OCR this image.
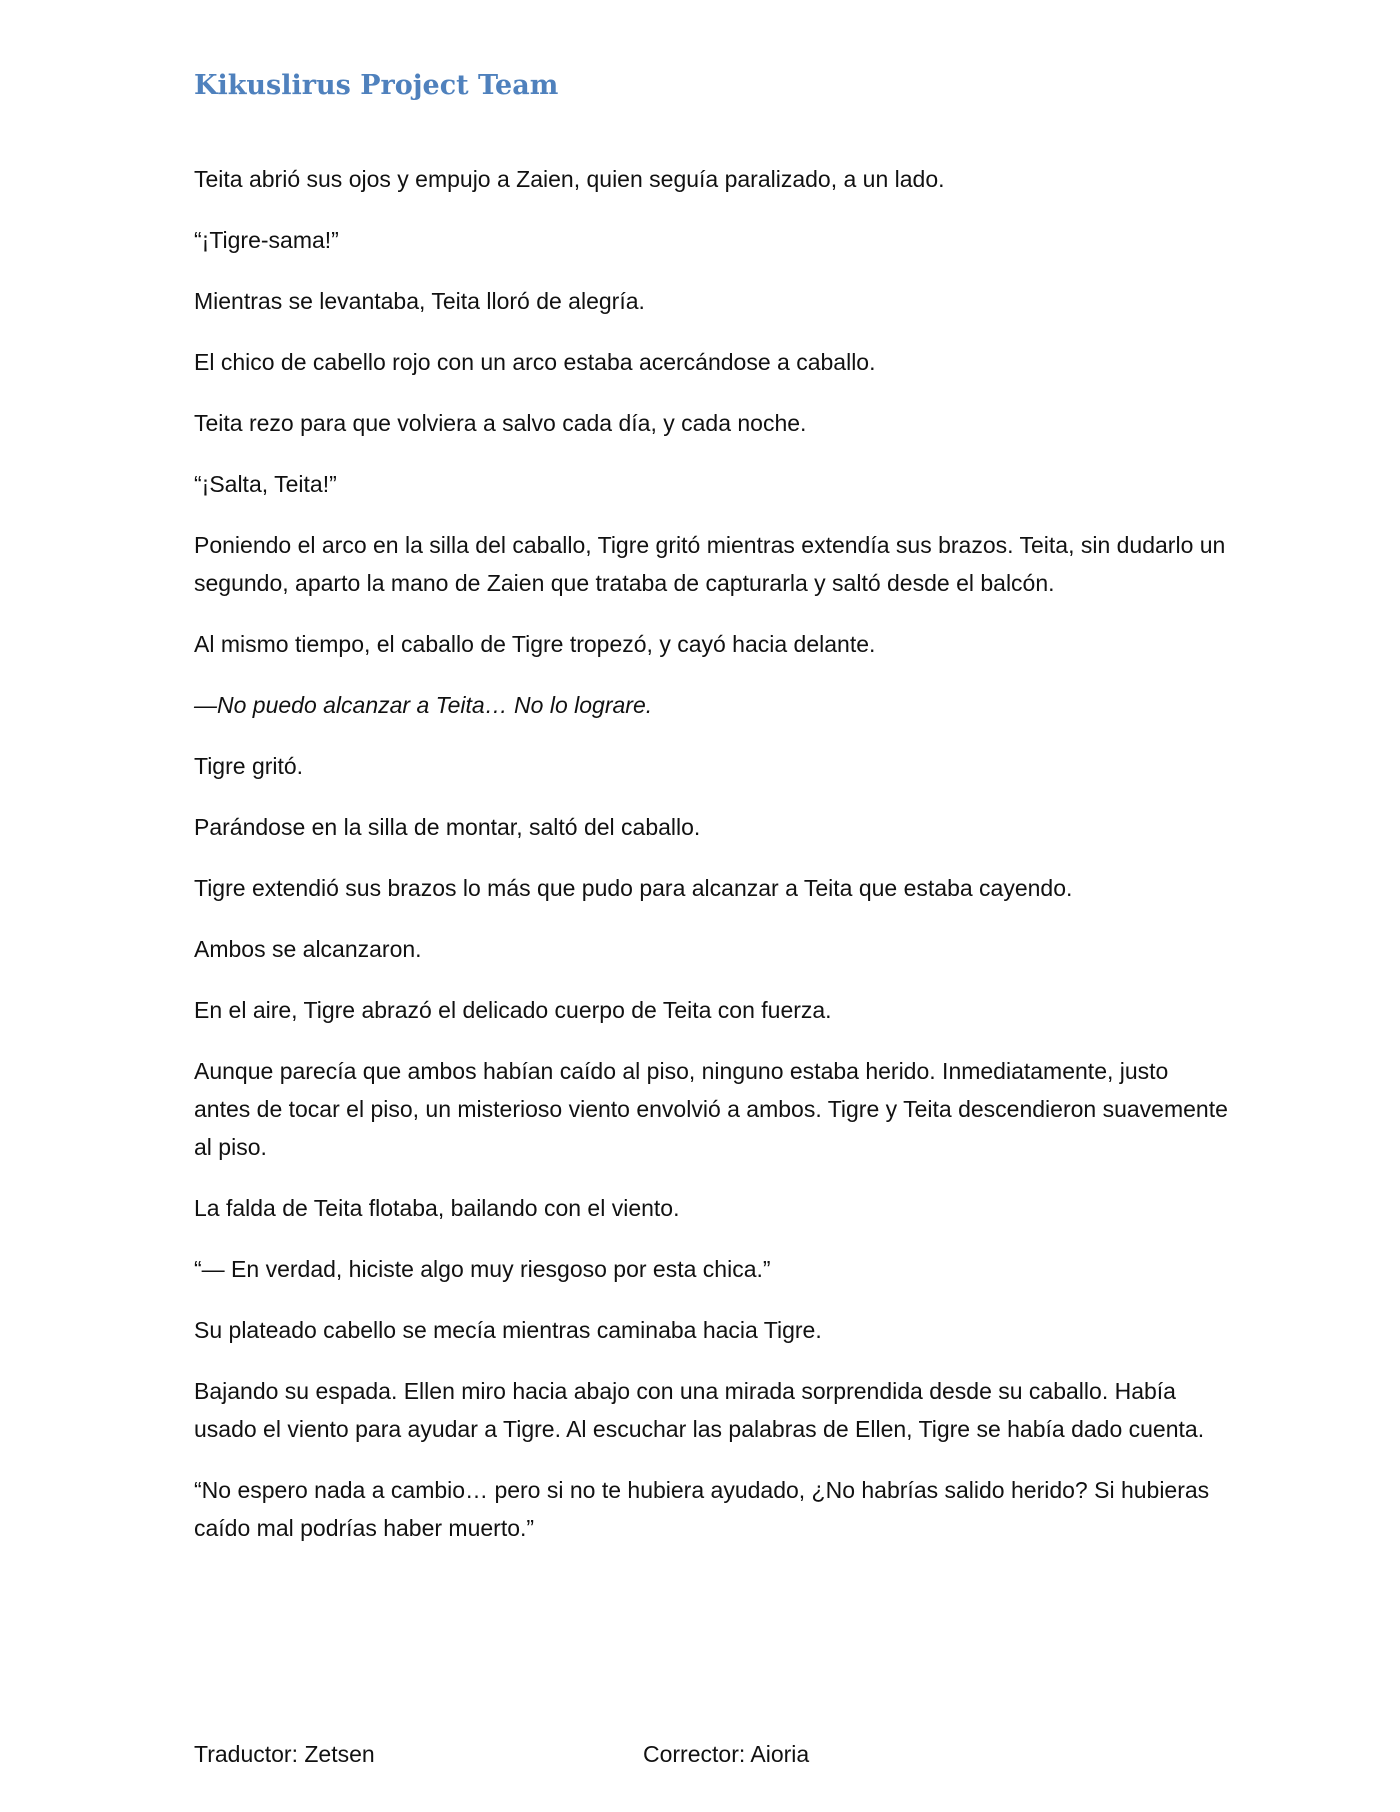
Kikuslirus Project Team

Teita abrió sus ojos y empujo a Zaien, quien seguía paralizado, a un lado.

“¡Tigre-sama!”

Mientras se levantaba, Teita lloró de alegría.

El chico de cabello rojo con un arco estaba acercándose a caballo.

Teita rezo para que volviera a salvo cada día, y cada noche.

“¡Salta, Teita!”

Poniendo el arco en la silla del caballo, Tigre gritó mientras extendía sus brazos. Teita, sin dudarlo un segundo, aparto la mano de Zaien que trataba de capturarla y saltó desde el balcón.

Al mismo tiempo, el caballo de Tigre tropezó, y cayó hacia delante.

—No puedo alcanzar a Teita… No lo lograre.

Tigre gritó.

Parándose en la silla de montar, saltó del caballo.

Tigre extendió sus brazos lo más que pudo para alcanzar a Teita que estaba cayendo.

Ambos se alcanzaron.

En el aire, Tigre abrazó el delicado cuerpo de Teita con fuerza.

Aunque parecía que ambos habían caído al piso, ninguno estaba herido. Inmediatamente, justo antes de tocar el piso, un misterioso viento envolvió a ambos. Tigre y Teita descendieron suavemente al piso.

La falda de Teita flotaba, bailando con el viento.

“— En verdad, hiciste algo muy riesgoso por esta chica.”

Su plateado cabello se mecía mientras caminaba hacia Tigre.

Bajando su espada. Ellen miro hacia abajo con una mirada sorprendida desde su caballo. Había usado el viento para ayudar a Tigre. Al escuchar las palabras de Ellen, Tigre se había dado cuenta.

“No espero nada a cambio… pero si no te hubiera ayudado, ¿No habrías salido herido? Si hubieras caído mal podrías haber muerto.”

Traductor: Zetsen	Corrector: Aioria
